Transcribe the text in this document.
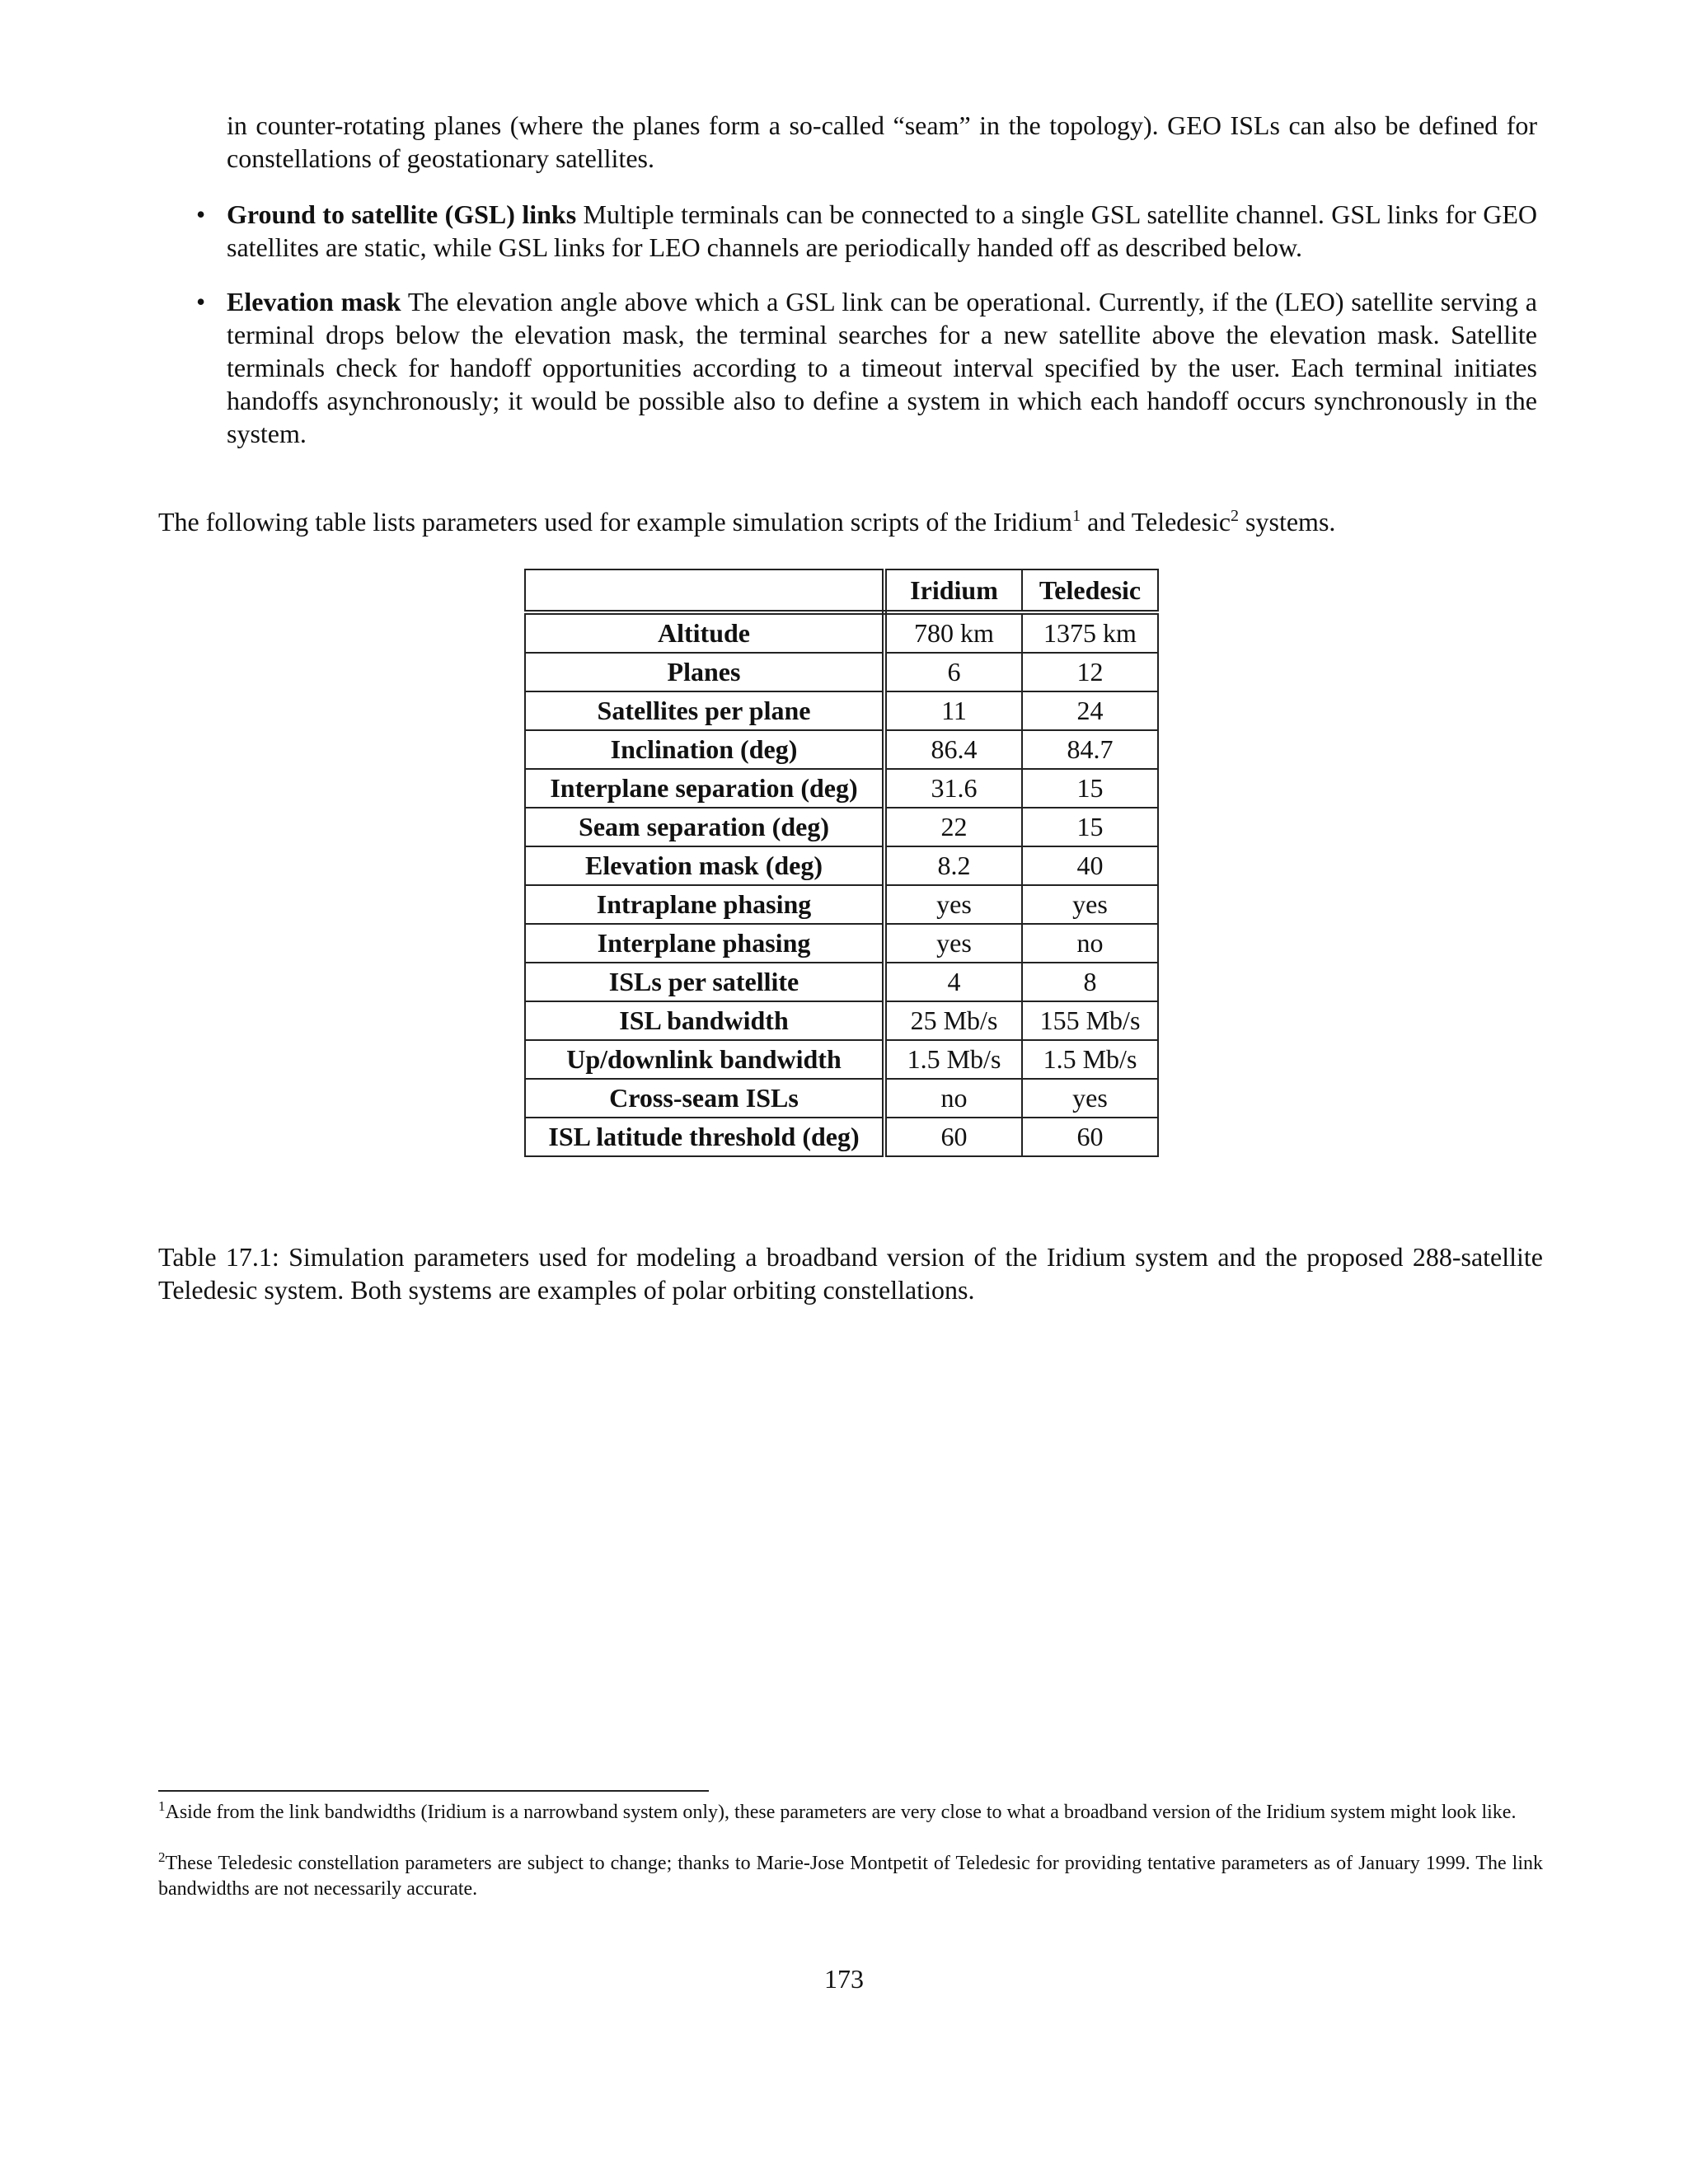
in counter-rotating planes (where the planes form a so-called “seam” in the topology). GEO ISLs can also be defined for constellations of geostationary satellites.

• Ground to satellite (GSL) links Multiple terminals can be connected to a single GSL satellite channel. GSL links for GEO satellites are static, while GSL links for LEO channels are periodically handed off as described below.
• Elevation mask The elevation angle above which a GSL link can be operational. Currently, if the (LEO) satellite serving a terminal drops below the elevation mask, the terminal searches for a new satellite above the elevation mask. Satellite terminals check for handoff opportunities according to a timeout interval specified by the user. Each terminal initiates handoffs asynchronously; it would be possible also to define a system in which each handoff occurs synchronously in the system.

The following table lists parameters used for example simulation scripts of the Iridium$^1$ and Teledesic$^2$ systems.

	Iridium	Teledesic
Altitude	780 km	1375 km
Planes	6	12
Satellites per plane	11	24
Inclination (deg)	86.4	84.7
Interplane separation (deg)	31.6	15
Seam separation (deg)	22	15
Elevation mask (deg)	8.2	40
Intraplane phasing	yes	yes
Interplane phasing	yes	no
ISLs per satellite	4	8
ISL bandwidth	25 Mb/s	155 Mb/s
Up/downlink bandwidth	1.5 Mb/s	1.5 Mb/s
Cross-seam ISLs	no	yes
ISL latitude threshold (deg)	60	60

Table 17.1: Simulation parameters used for modeling a broadband version of the Iridium system and the proposed 288-satellite Teledesic system. Both systems are examples of polar orbiting constellations.

$^1$Aside from the link bandwidths (Iridium is a narrowband system only), these parameters are very close to what a broadband version of the Iridium system might look like.
$^2$These Teledesic constellation parameters are subject to change; thanks to Marie-Jose Montpetit of Teledesic for providing tentative parameters as of January 1999. The link bandwidths are not necessarily accurate.
173
